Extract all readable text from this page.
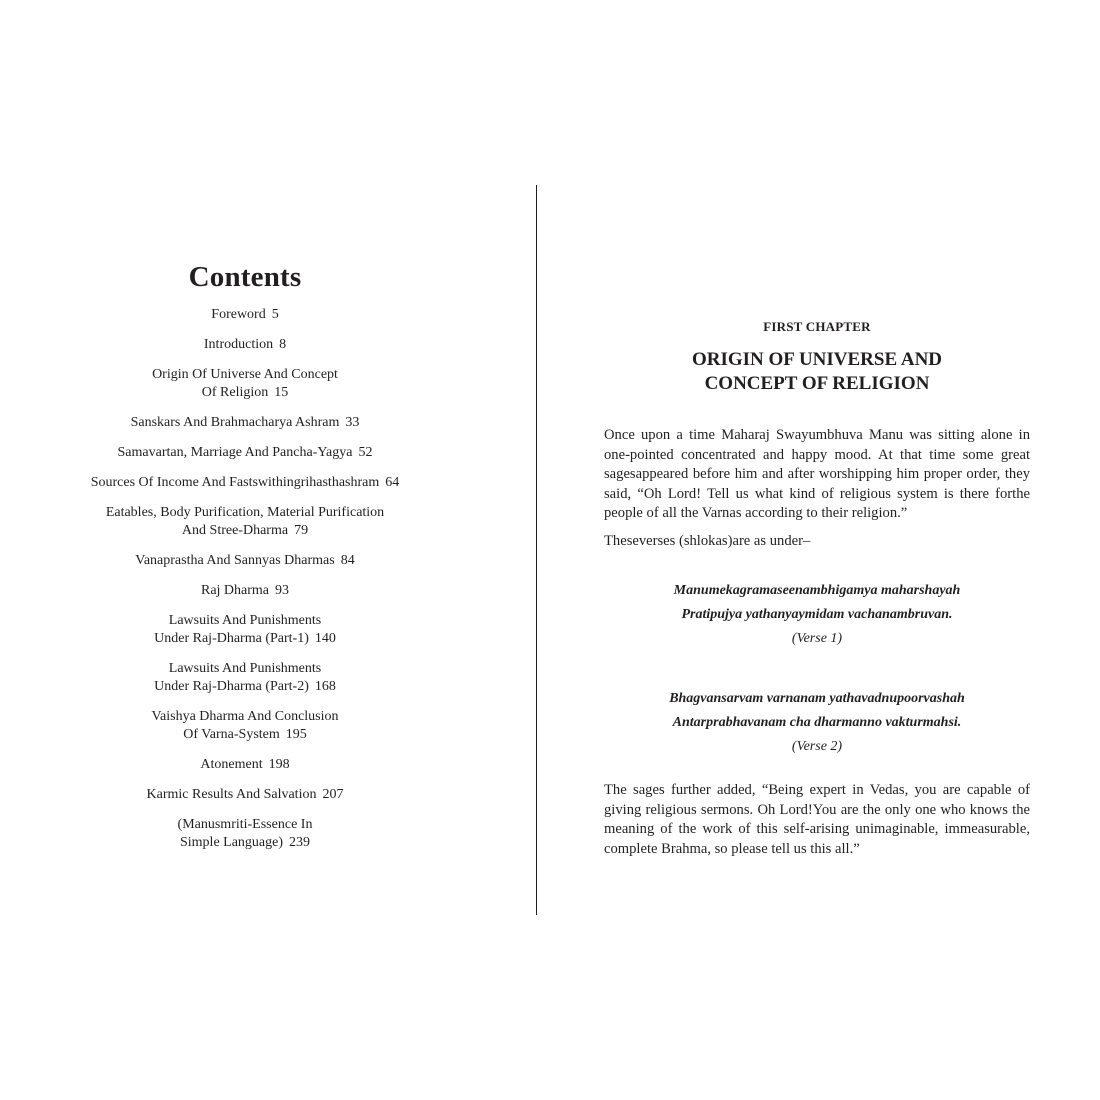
Contents
Foreword 5
Introduction 8
Origin Of Universe And Concept
Of Religion 15
Sanskars And Brahmacharya Ashram 33
Samavartan, Marriage And Pancha-Yagya 52
Sources Of Income And Fastswithingrihasthashram 64
Eatables, Body Purification, Material Purification
And Stree-Dharma 79
Vanaprastha And Sannyas Dharmas 84
Raj Dharma 93
Lawsuits And Punishments
Under Raj-Dharma (Part-1) 140
Lawsuits And Punishments
Under Raj-Dharma (Part-2) 168
Vaishya Dharma And Conclusion
Of Varna-System 195
Atonement 198
Karmic Results And Salvation 207
(Manusmriti-Essence In
Simple Language) 239
FIRST CHAPTER
ORIGIN OF UNIVERSE AND
CONCEPT OF RELIGION

Once upon a time Maharaj Swayumbhuva Manu was sitting alone in one-pointed concentrated and happy mood. At that time some great sagesappeared before him and after worshipping him proper order, they said, “Oh Lord! Tell us what kind of religious system is there forthe people of all the Varnas according to their religion.”

Theseverses (shlokas)are as under–

Manumekagramaseenambhigamya maharshayah
Pratipujya yathanyaymidam vachanambruvan.
(Verse 1)
Bhagvansarvam varnanam yathavadnupoorvashah
Antarprabhavanam cha dharmanno vakturmahsi.
(Verse 2)

The sages further added, “Being expert in Vedas, you are capable of giving religious sermons. Oh Lord!You are the only one who knows the meaning of the work of this self-arising unimaginable, immeasurable, complete Brahma, so please tell us this all.”
